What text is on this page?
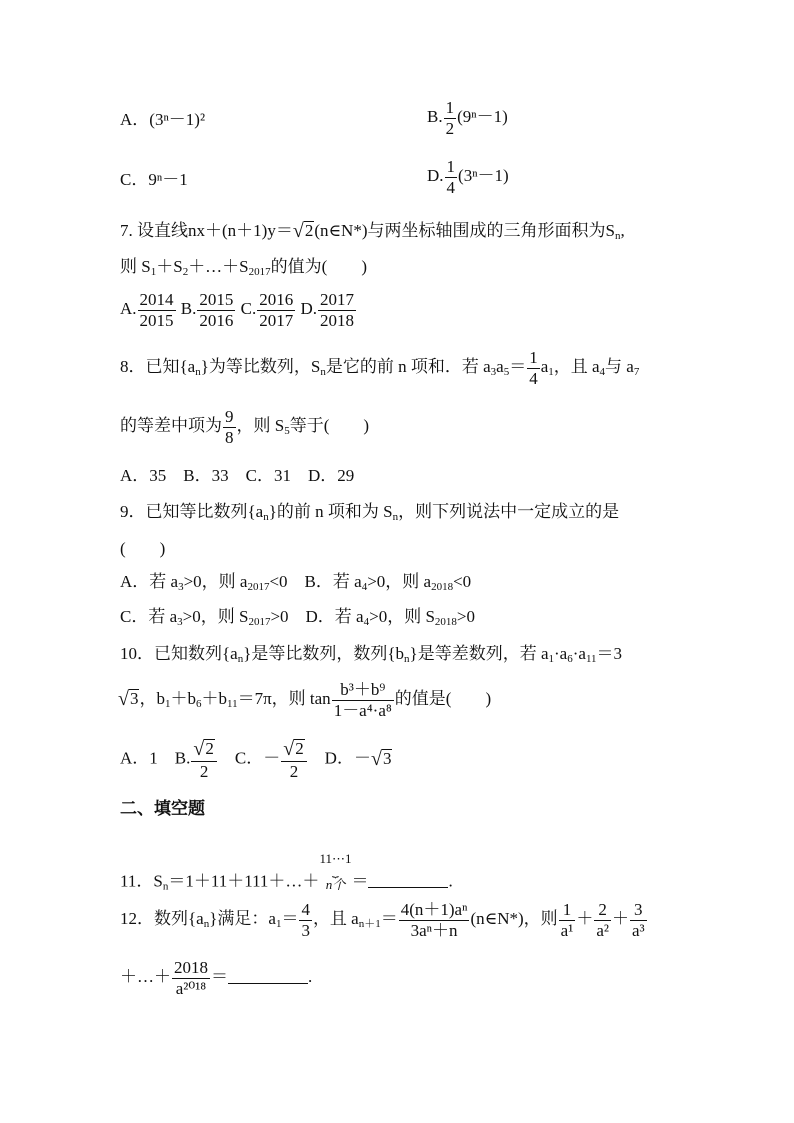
A．(3ⁿ－1)²	B. $\frac{1}{2} (9^n-1)$
C．9ⁿ－1	D. $\frac{1}{4} (3^n-1)$
7. 设直线nx＋(n＋1)y＝√2(n∈N*)与两坐标轴围成的三角形面积为$S_n$,
则 $S_1+S_2+\dots+S_{2017}$的值为(　　)
A. $\frac{2014}{2015} B$. $\frac{2015}{2016} C$. $\frac{2016}{2017} D$. $\frac{2017}{2018}$
8．已知$\{a_n\}$为等比数列，$S_n$是它的前 n 项和．若 $a_3a_5= \frac{1}{4} a_1$，且 $a_4$与 $a_7$
的等差中项为 $\frac{9}{8}$ ，则 $S_5$等于(　　)
A．35　B．33　C．31　D．29
9．已知等比数列$\{a_n\}$的前 n 项和为 $S_n$，则下列说法中一定成立的是
(　　)
A．若 $a_3>0$，则 $a_{2017}<0$　B．若 $a_4>0$，则 $a_{2018}<0$
C．若 $a_3>0$，则 $S_{2017}>0$　D．若 $a_4>0$，则 $S_{2018}>0$
10．已知数列$\{a_n\}$是等比数列，数列$\{b_n\}$是等差数列，若 $a_1\cdot a_6\cdot a_{11}=3$
√3，$b_1+b_6+b_{11}=7\pi$，则 $\tan \frac{\text{b³＋b⁹}}{\text{1－a⁴·a⁸}}$ 的值是(　　)
A．1　B. $\frac{√2}{2}$ 　C．－ $\frac{√2}{2}$ 　D．－√3
二、填空题
11．$S_n=1+11+111+\dots+$
11⋯1
⏟
n个 ＝	.
12．数列$\{a_n\}$满足：$a_1= \frac{4}{3}$ ，且 $a_{n+1}= \frac{\text{4(n＋1)aⁿ}}{\text{3aⁿ＋n}}$ (n∈N*)，则 $\frac{1}{\text{a¹}} + \frac{2}{\text{a²}} + \frac{3}{\text{a³}}$
＋…＋ $\frac{2018}{\text{a²⁰¹⁸}}$ ＝	.
